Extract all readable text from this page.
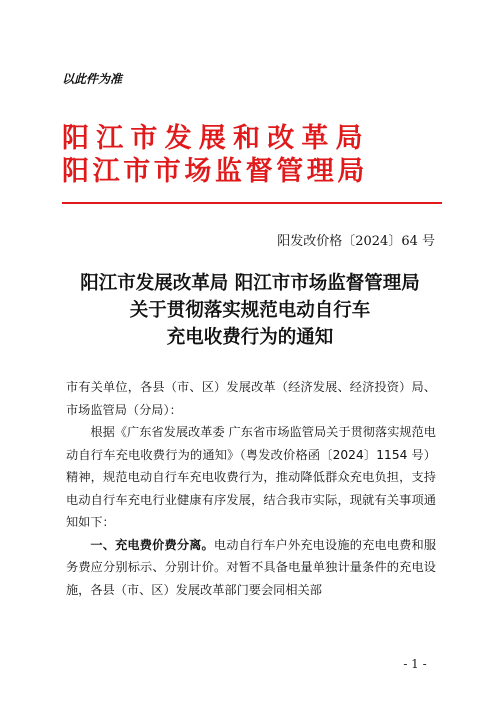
以此件为准
阳江市发展和改革局
阳江市市场监督管理局
阳发改价格〔2024〕64 号
阳江市发展改革局 阳江市市场监督管理局
关于贯彻落实规范电动自行车
充电收费行为的通知

市有关单位，各县（市、区）发展改革（经济发展、经济投资）局、市场监管局（分局）：

根据《广东省发展改革委 广东省市场监管局关于贯彻落实规范电动自行车充电收费行为的通知》（粤发改价格函〔2024〕1154 号）精神，规范电动自行车充电收费行为，推动降低群众充电负担，支持电动自行车充电行业健康有序发展，结合我市实际，现就有关事项通知如下：

一、充电费价费分离。电动自行车户外充电设施的充电电费和服务费应分别标示、分别计价。对暂不具备电量单独计量条件的充电设施，各县（市、区）发展改革部门要会同相关部

- 1 -
